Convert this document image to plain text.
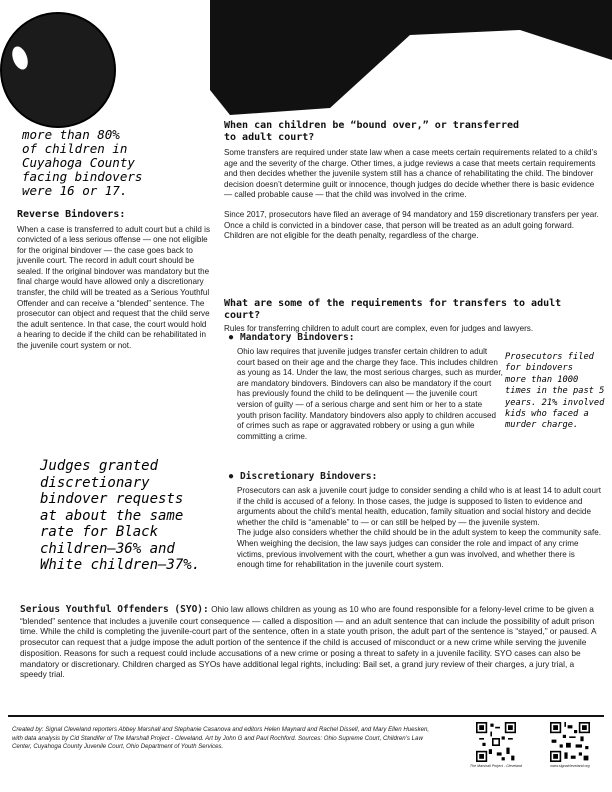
more than 80%
of children in
Cuyahoga County
facing bindovers
were 16 or 17.
Reverse Bindovers:

When a case is transferred to adult court but a child is convicted of a less serious offense — one not eligible for the original bindover — the case goes back to juvenile court. The record in adult court should be sealed. If the original bindover was mandatory but the final charge would have allowed only a discretionary transfer, the child will be treated as a Serious Youthful Offender and can receive a “blended” sentence. The prosecutor can object and request that the child serve the adult sentence. In that case, the court would hold a hearing to decide if the child can be rehabilitated in the juvenile court system or not.

Judges granted
discretionary
bindover requests
at about the same
rate for Black
children—36% and
White children—37%.
When can children be “bound over,” or transferred to adult court?

Some transfers are required under state law when a case meets certain requirements related to a child’s age and the severity of the charge. Other times, a judge reviews a case that meets certain requirements and then decides whether the juvenile system still has a chance of rehabilitating the child. The bindover decision doesn’t determine guilt or innocence, though judges do decide whether there is basic evidence — called probable cause — that the child was involved in the crime.

Since 2017, prosecutors have filed an average of 94 mandatory and 159 discretionary transfers per year. Once a child is convicted in a bindover case, that person will be treated as an adult going forward. Children are not eligible for the death penalty, regardless of the charge.

What are some of the requirements for transfers to adult court?

Rules for transferring children to adult court are complex, even for judges and lawyers.

● Mandatory Bindovers:

Ohio law requires that juvenile judges transfer certain children to adult court based on their age and the charge they face. This includes children as young as 14. Under the law, the most serious charges, such as murder, are mandatory bindovers. Bindovers can also be mandatory if the court has previously found the child to be delinquent — the juvenile court version of guilty — of a serious charge and sent him or her to a state youth prison facility. Mandatory bindovers also apply to children accused of crimes such as rape or aggravated robbery or using a gun while committing a crime.

Prosecutors filed
for bindovers
more than 1000
times in the past 5
years. 21% involved
kids who faced a
murder charge.
● Discretionary Bindovers:

Prosecutors can ask a juvenile court judge to consider sending a child who is at least 14 to adult court if the child is accused of a felony. In those cases, the judge is supposed to listen to evidence and arguments about the child’s mental health, education, family situation and social history and decide whether the child is “amenable” to — or can still be helped by — the juvenile system.

The judge also considers whether the child should be in the adult system to keep the community safe. When weighing the decision, the law says judges can consider the role and impact of any crime victims, previous involvement with the court, whether a gun was involved, and whether there is enough time for rehabilitation in the juvenile court system.

Serious Youthful Offenders (SYO): Ohio law allows children as young as 10 who are found responsible for a felony-level crime to be given a “blended” sentence that includes a juvenile court consequence — called a disposition — and an adult sentence that can include the possibility of adult prison time. While the child is completing the juvenile-court part of the sentence, often in a state youth prison, the adult part of the sentence is “stayed,” or paused. A prosecutor can request that a judge impose the adult portion of the sentence if the child is accused of misconduct or a new crime while serving the juvenile disposition. Reasons for such a request could include accusations of a new crime or posing a threat to safety in a juvenile facility. SYO cases can also be mandatory or discretionary. Children charged as SYOs have additional legal rights, including: Bail set, a grand jury review of their charges, a jury trial, a speedy trial.

Created by: Signal Cleveland reporters Abbey Marshall and Stephanie Casanova and editors Helen Maynard and Rachel Dissell, and Mary Ellen Huesken, with data analysis by Cid Standifer of The Marshall Project - Cleveland. Art by John G and Paul Rochford. Sources: Ohio Supreme Court, Children’s Law Center, Cuyahoga County Juvenile Court, Ohio Department of Youth Services.
The Marshall Project - Cleveland	www.signalcleveland.org
